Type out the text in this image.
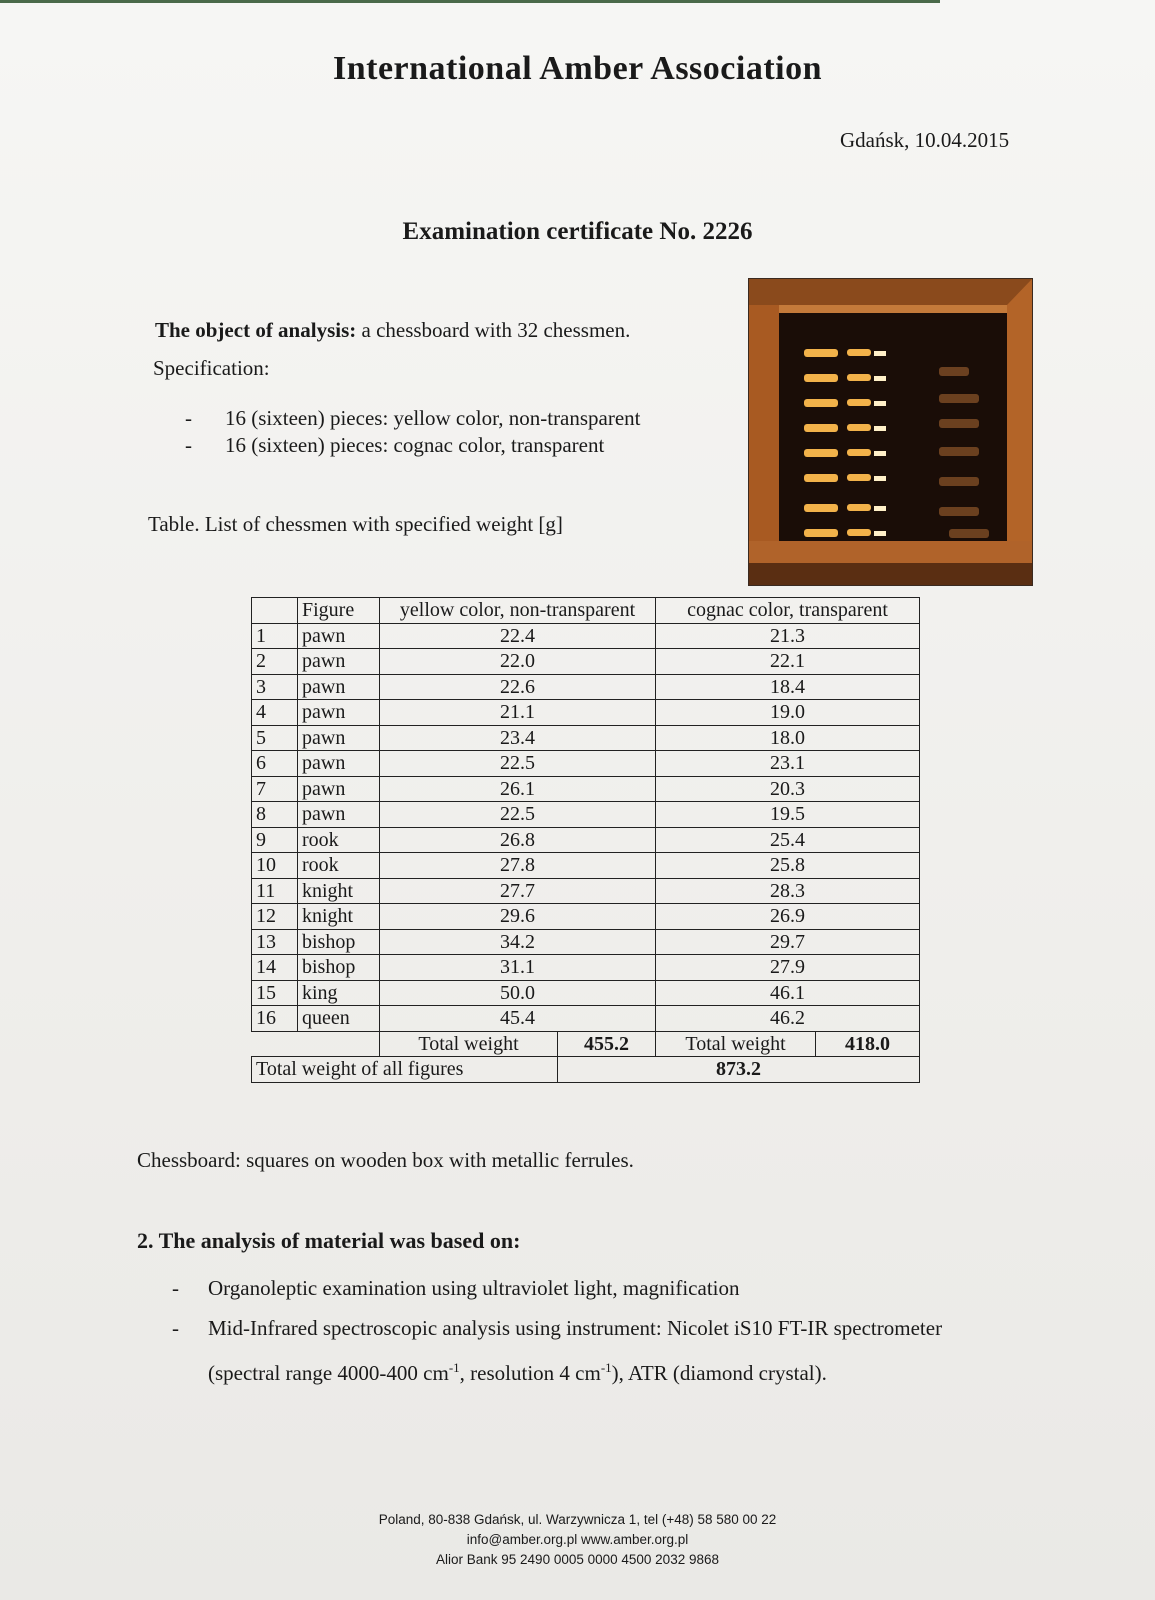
International Amber Association
Gdańsk, 10.04.2015
Examination certificate No. 2226
The object of analysis: a chessboard with 32 chessmen.
Specification:
- 16 (sixteen) pieces: yellow color, non-transparent
- 16 (sixteen) pieces: cognac color, transparent
Table. List of chessmen with specified weight [g]
	Figure	yellow color, non-transparent		cognac color, transparent	
1	pawn	22.4		21.3	
2	pawn	22.0		22.1	
3	pawn	22.6		18.4	
4	pawn	21.1		19.0	
5	pawn	23.4		18.0	
6	pawn	22.5		23.1	
7	pawn	26.1		20.3	
8	pawn	22.5		19.5	
9	rook	26.8		25.4	
10	rook	27.8		25.8	
11	knight	27.7		28.3	
12	knight	29.6		26.9	
13	bishop	34.2		29.7	
14	bishop	31.1		27.9	
15	king	50.0		46.1	
16	queen	45.4		46.2	
		Total weight	455.2	Total weight	418.0
Total weight of all figures			873.2		
Chessboard: squares on wooden box with metallic ferrules.
2. The analysis of material was based on:
- Organoleptic examination using ultraviolet light, magnification
- Mid-Infrared spectroscopic analysis using instrument: Nicolet iS10 FT-IR spectrometer
(spectral range 4000-400 $cm^{-1}$, resolution 4 $cm^{-1}$), ATR (diamond crystal).
Poland, 80-838 Gdańsk, ul. Warzywnicza 1, tel (+48) 58 580 00 22
info@amber.org.pl www.amber.org.pl
Alior Bank 95 2490 0005 0000 4500 2032 9868
